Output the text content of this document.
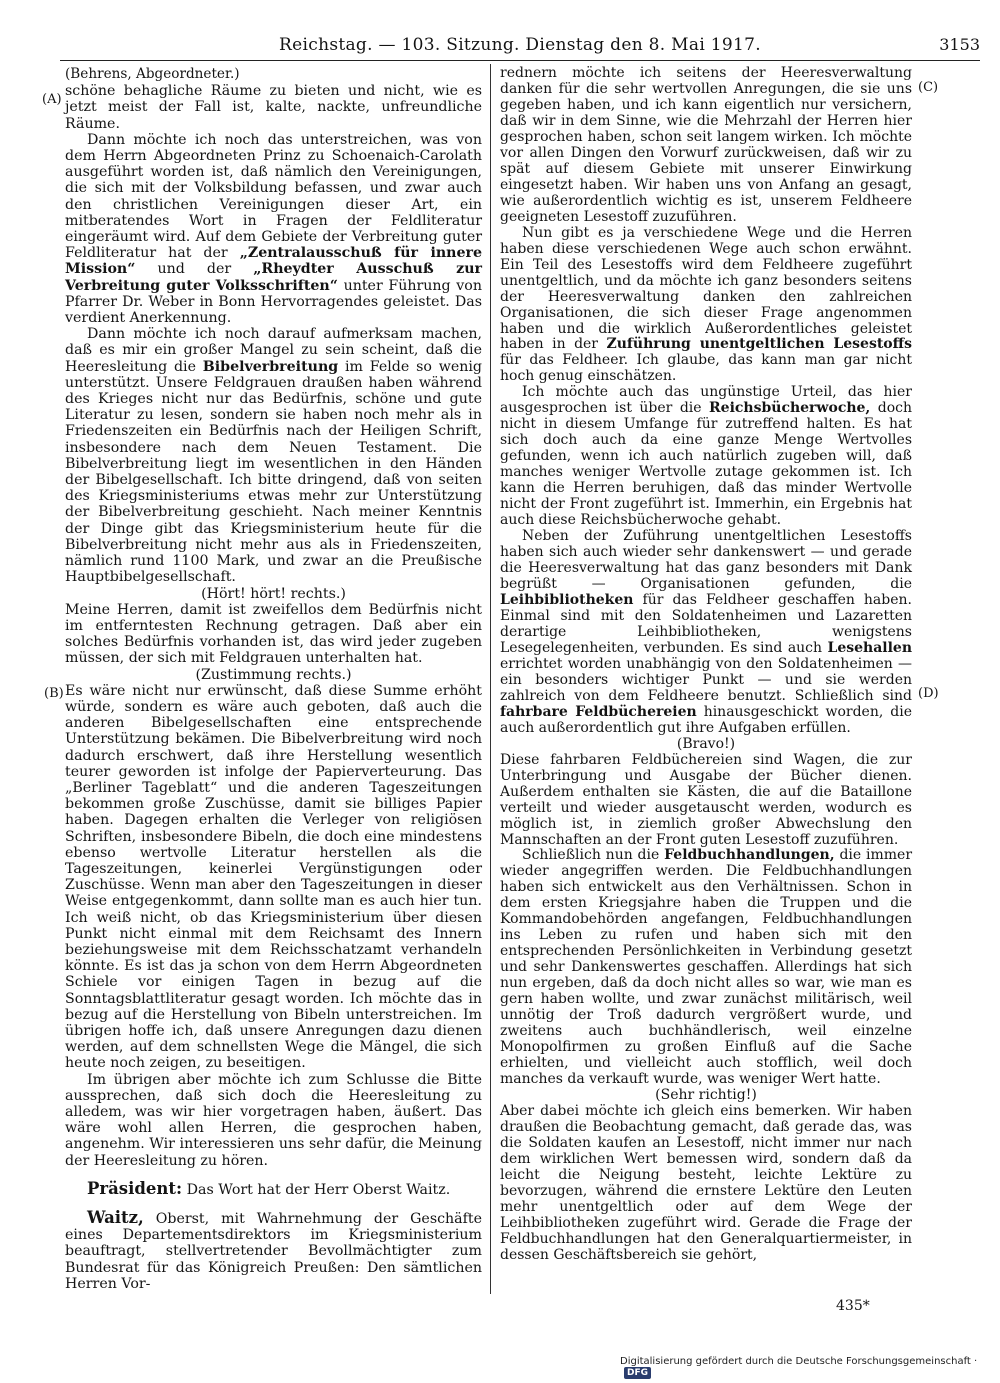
Reichstag. — 103. Sitzung. Dienstag den 8. Mai 1917.	3153
(A)
(B)
(C)
(D)
(Behrens, Abgeordneter.)

schöne behagliche Räume zu bieten und nicht, wie es jetzt meist der Fall ist, kalte, nackte, unfreundliche Räume.

Dann möchte ich noch das unterstreichen, was von dem Herrn Abgeordneten Prinz zu Schoenaich-Carolath ausgeführt worden ist, daß nämlich den Vereinigungen, die sich mit der Volksbildung befassen, und zwar auch den christlichen Vereinigungen dieser Art, ein mitberatendes Wort in Fragen der Feldliteratur eingeräumt wird. Auf dem Gebiete der Verbreitung guter Feldliteratur hat der „Zentralausschuß für innere Mission“ und der „Rheydter Ausschuß zur Verbreitung guter Volksschriften“ unter Führung von Pfarrer Dr. Weber in Bonn Hervorragendes geleistet. Das verdient Anerkennung.

Dann möchte ich noch darauf aufmerksam machen, daß es mir ein großer Mangel zu sein scheint, daß die Heeresleitung die Bibelverbreitung im Felde so wenig unterstützt. Unsere Feldgrauen draußen haben während des Krieges nicht nur das Bedürfnis, schöne und gute Literatur zu lesen, sondern sie haben noch mehr als in Friedenszeiten ein Bedürfnis nach der Heiligen Schrift, insbesondere nach dem Neuen Testament. Die Bibelverbreitung liegt im wesentlichen in den Händen der Bibelgesellschaft. Ich bitte dringend, daß von seiten des Kriegsministeriums etwas mehr zur Unterstützung der Bibelverbreitung geschieht. Nach meiner Kenntnis der Dinge gibt das Kriegsministerium heute für die Bibelverbreitung nicht mehr aus als in Friedenszeiten, nämlich rund 1100 Mark, und zwar an die Preußische Hauptbibelgesellschaft.

(Hört! hört! rechts.)

Meine Herren, damit ist zweifellos dem Bedürfnis nicht im entferntesten Rechnung getragen. Daß aber ein solches Bedürfnis vorhanden ist, das wird jeder zugeben müssen, der sich mit Feldgrauen unterhalten hat.

(Zustimmung rechts.)

Es wäre nicht nur erwünscht, daß diese Summe erhöht würde, sondern es wäre auch geboten, daß auch die anderen Bibelgesellschaften eine entsprechende Unterstützung bekämen. Die Bibelverbreitung wird noch dadurch erschwert, daß ihre Herstellung wesentlich teurer geworden ist infolge der Papierverteurung. Das „Berliner Tageblatt“ und die anderen Tageszeitungen bekommen große Zuschüsse, damit sie billiges Papier haben. Dagegen erhalten die Verleger von religiösen Schriften, insbesondere Bibeln, die doch eine mindestens ebenso wertvolle Literatur herstellen als die Tageszeitungen, keinerlei Vergünstigungen oder Zuschüsse. Wenn man aber den Tageszeitungen in dieser Weise entgegenkommt, dann sollte man es auch hier tun. Ich weiß nicht, ob das Kriegsministerium über diesen Punkt nicht einmal mit dem Reichsamt des Innern beziehungsweise mit dem Reichsschatzamt verhandeln könnte. Es ist das ja schon von dem Herrn Abgeordneten Schiele vor einigen Tagen in bezug auf die Sonntagsblattliteratur gesagt worden. Ich möchte das in bezug auf die Herstellung von Bibeln unterstreichen. Im übrigen hoffe ich, daß unsere Anregungen dazu dienen werden, auf dem schnellsten Wege die Mängel, die sich heute noch zeigen, zu beseitigen.

Im übrigen aber möchte ich zum Schlusse die Bitte aussprechen, daß sich doch die Heeresleitung zu alledem, was wir hier vorgetragen haben, äußert. Das wäre wohl allen Herren, die gesprochen haben, angenehm. Wir interessieren uns sehr dafür, die Meinung der Heeresleitung zu hören.

Präsident: Das Wort hat der Herr Oberst Waitz.

Waitz, Oberst, mit Wahrnehmung der Geschäfte eines Departementsdirektors im Kriegsministerium beauftragt, stellvertretender Bevollmächtigter zum Bundesrat für das Königreich Preußen: Den sämtlichen Herren Vor-

rednern möchte ich seitens der Heeresverwaltung danken für die sehr wertvollen Anregungen, die sie uns gegeben haben, und ich kann eigentlich nur versichern, daß wir in dem Sinne, wie die Mehrzahl der Herren hier gesprochen haben, schon seit langem wirken. Ich möchte vor allen Dingen den Vorwurf zurückweisen, daß wir zu spät auf diesem Gebiete mit unserer Einwirkung eingesetzt haben. Wir haben uns von Anfang an gesagt, wie außerordentlich wichtig es ist, unserem Feldheere geeigneten Lesestoff zuzuführen.

Nun gibt es ja verschiedene Wege und die Herren haben diese verschiedenen Wege auch schon erwähnt. Ein Teil des Lesestoffs wird dem Feldheere zugeführt unentgeltlich, und da möchte ich ganz besonders seitens der Heeresverwaltung danken den zahlreichen Organisationen, die sich dieser Frage angenommen haben und die wirklich Außerordentliches geleistet haben in der Zuführung unentgeltlichen Lesestoffs für das Feldheer. Ich glaube, das kann man gar nicht hoch genug einschätzen.

Ich möchte auch das ungünstige Urteil, das hier ausgesprochen ist über die Reichsbücherwoche, doch nicht in diesem Umfange für zutreffend halten. Es hat sich doch auch da eine ganze Menge Wertvolles gefunden, wenn ich auch natürlich zugeben will, daß manches weniger Wertvolle zutage gekommen ist. Ich kann die Herren beruhigen, daß das minder Wertvolle nicht der Front zugeführt ist. Immerhin, ein Ergebnis hat auch diese Reichsbücherwoche gehabt.

Neben der Zuführung unentgeltlichen Lesestoffs haben sich auch wieder sehr dankenswert — und gerade die Heeresverwaltung hat das ganz besonders mit Dank begrüßt — Organisationen gefunden, die Leihbibliotheken für das Feldheer geschaffen haben. Einmal sind mit den Soldatenheimen und Lazaretten derartige Leihbibliotheken, wenigstens Lesegelegenheiten, verbunden. Es sind auch Lesehallen errichtet worden unabhängig von den Soldatenheimen — ein besonders wichtiger Punkt — und sie werden zahlreich von dem Feldheere benutzt. Schließlich sind fahrbare Feldbüchereien hinausgeschickt worden, die auch außerordentlich gut ihre Aufgaben erfüllen.

(Bravo!)

Diese fahrbaren Feldbüchereien sind Wagen, die zur Unterbringung und Ausgabe der Bücher dienen. Außerdem enthalten sie Kästen, die auf die Bataillone verteilt und wieder ausgetauscht werden, wodurch es möglich ist, in ziemlich großer Abwechslung den Mannschaften an der Front guten Lesestoff zuzuführen.

Schließlich nun die Feldbuchhandlungen, die immer wieder angegriffen werden. Die Feldbuchhandlungen haben sich entwickelt aus den Verhältnissen. Schon in dem ersten Kriegsjahre haben die Truppen und die Kommandobehörden angefangen, Feldbuchhandlungen ins Leben zu rufen und haben sich mit den entsprechenden Persönlichkeiten in Verbindung gesetzt und sehr Dankenswertes geschaffen. Allerdings hat sich nun ergeben, daß da doch nicht alles so war, wie man es gern haben wollte, und zwar zunächst militärisch, weil unnötig der Troß dadurch vergrößert wurde, und zweitens auch buchhändlerisch, weil einzelne Monopolfirmen zu großen Einfluß auf die Sache erhielten, und vielleicht auch stofflich, weil doch manches da verkauft wurde, was weniger Wert hatte.

(Sehr richtig!)

Aber dabei möchte ich gleich eins bemerken. Wir haben draußen die Beobachtung gemacht, daß gerade das, was die Soldaten kaufen an Lesestoff, nicht immer nur nach dem wirklichen Wert bemessen wird, sondern daß da leicht die Neigung besteht, leichte Lektüre zu bevorzugen, während die ernstere Lektüre den Leuten mehr unentgeltlich oder auf dem Wege der Leihbibliotheken zugeführt wird. Gerade die Frage der Feldbuchhandlungen hat den Generalquartiermeister, in dessen Geschäftsbereich sie gehört,

435*
Digitalisierung gefördert durch die Deutsche Forschungsgemeinschaft · DFG
